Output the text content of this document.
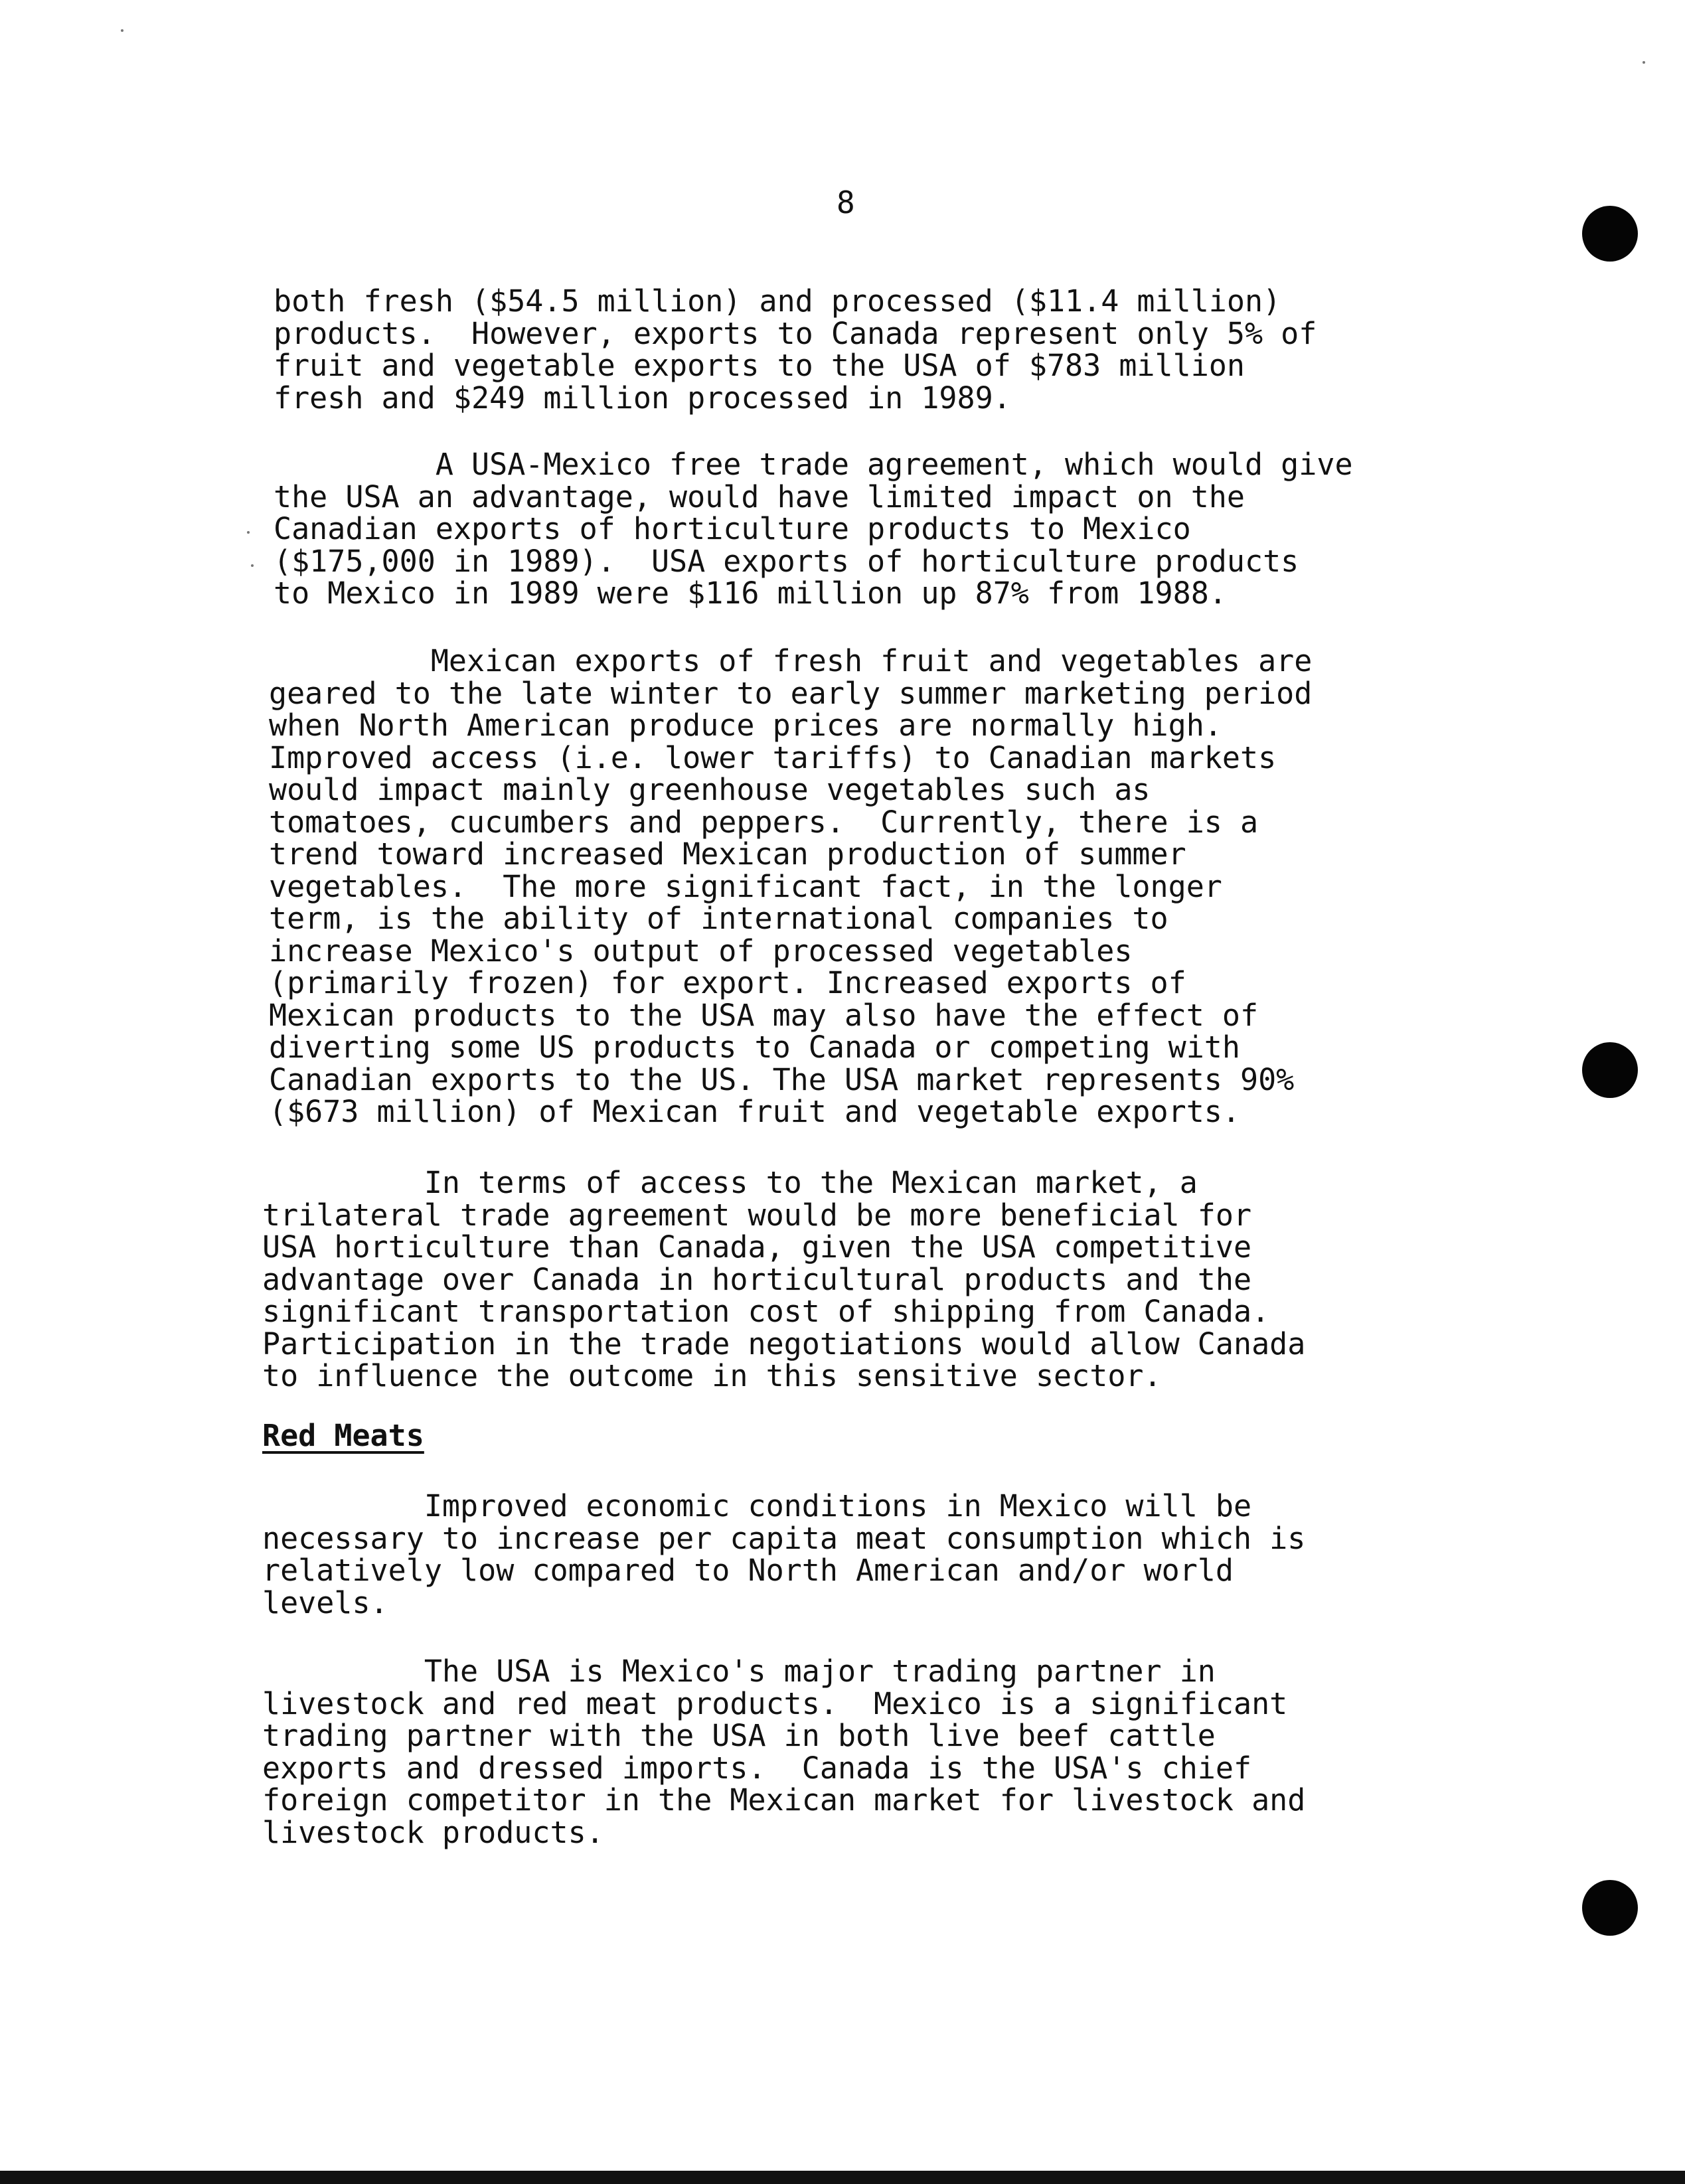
8
both fresh ($54.5 million) and processed ($11.4 million)
products.  However, exports to Canada represent only 5% of
fruit and vegetable exports to the USA of $783 million
fresh and $249 million processed in 1989.
A USA-Mexico free trade agreement, which would give
the USA an advantage, would have limited impact on the
Canadian exports of horticulture products to Mexico
($175,000 in 1989).  USA exports of horticulture products
to Mexico in 1989 were $116 million up 87% from 1988.
Mexican exports of fresh fruit and vegetables are
geared to the late winter to early summer marketing period
when North American produce prices are normally high.
Improved access (i.e. lower tariffs) to Canadian markets
would impact mainly greenhouse vegetables such as
tomatoes, cucumbers and peppers.  Currently, there is a
trend toward increased Mexican production of summer
vegetables.  The more significant fact, in the longer
term, is the ability of international companies to
increase Mexico's output of processed vegetables
(primarily frozen) for export. Increased exports of
Mexican products to the USA may also have the effect of
diverting some US products to Canada or competing with
Canadian exports to the US. The USA market represents 90%
($673 million) of Mexican fruit and vegetable exports.
In terms of access to the Mexican market, a
trilateral trade agreement would be more beneficial for
USA horticulture than Canada, given the USA competitive
advantage over Canada in horticultural products and the
significant transportation cost of shipping from Canada.
Participation in the trade negotiations would allow Canada
to influence the outcome in this sensitive sector.
Red Meats
Improved economic conditions in Mexico will be
necessary to increase per capita meat consumption which is
relatively low compared to North American and/or world
levels.
The USA is Mexico's major trading partner in
livestock and red meat products.  Mexico is a significant
trading partner with the USA in both live beef cattle
exports and dressed imports.  Canada is the USA's chief
foreign competitor in the Mexican market for livestock and
livestock products.
